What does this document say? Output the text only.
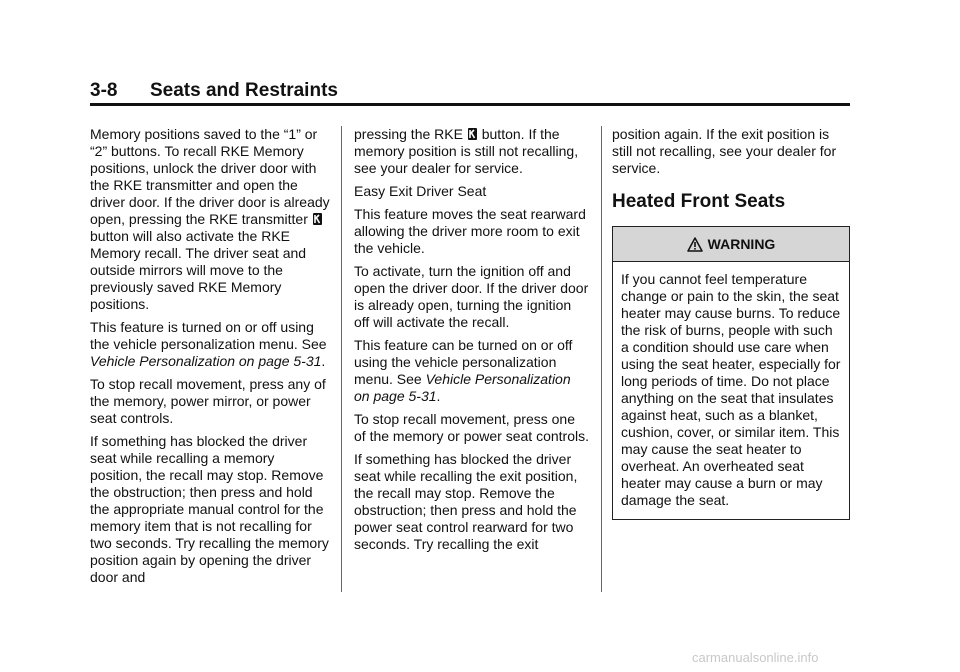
3-8 Seats and Restraints

Memory positions saved to the “1” or “2” buttons. To recall RKE Memory positions, unlock the driver door with the RKE transmitter and open the driver door. If the driver door is already open, pressing the RKE transmitter
button will also activate the RKE Memory recall. The driver seat and outside mirrors will move to the previously saved RKE Memory positions.

This feature is turned on or off using the vehicle personalization menu. See Vehicle Personalization on page 5-31.

To stop recall movement, press any of the memory, power mirror, or power seat controls.

If something has blocked the driver seat while recalling a memory position, the recall may stop. Remove the obstruction; then press and hold the appropriate manual control for the memory item that is not recalling for two seconds. Try recalling the memory position again by opening the driver door and

pressing the RKE button. If the memory position is still not recalling, see your dealer for service.

Easy Exit Driver Seat

This feature moves the seat rearward allowing the driver more room to exit the vehicle.

To activate, turn the ignition off and open the driver door. If the driver door is already open, turning the ignition off will activate the recall.

This feature can be turned on or off using the vehicle personalization menu. See Vehicle Personalization on page 5-31.

To stop recall movement, press one of the memory or power seat controls.

If something has blocked the driver seat while recalling the exit position, the recall may stop. Remove the obstruction; then press and hold the power seat control rearward for two seconds. Try recalling the exit

position again. If the exit position is still not recalling, see your dealer for service.

Heated Front Seats
WARNING
If you cannot feel temperature change or pain to the skin, the seat heater may cause burns. To reduce the risk of burns, people with such a condition should use care when using the seat heater, especially for long periods of time. Do not place anything on the seat that insulates against heat, such as a blanket, cushion, cover, or similar item. This may cause the seat heater to overheat. An overheated seat heater may cause a burn or may damage the seat.
carmanualsonline.info
